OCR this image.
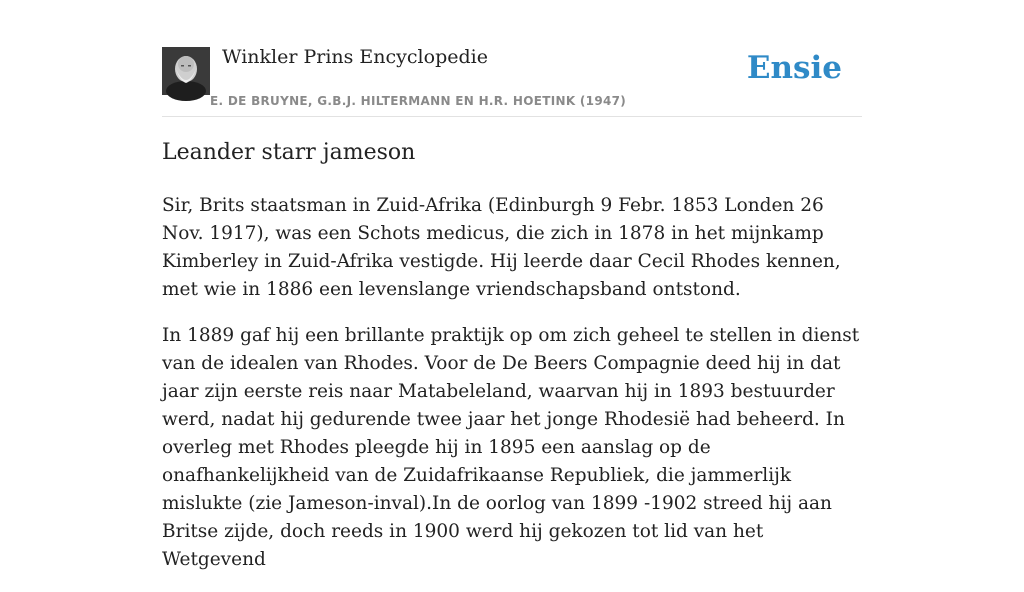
Winkler Prins Encyclopedie
E. DE BRUYNE, G.B.J. HILTERMANN EN H.R. HOETINK (1947)
Ensie
Leander starr jameson

Sir, Brits staatsman in Zuid-Afrika (Edinburgh 9 Febr. 1853 Londen 26 Nov. 1917), was een Schots medicus, die zich in 1878 in het mijnkamp Kimberley in Zuid-Afrika vestigde. Hij leerde daar Cecil Rhodes kennen, met wie in 1886 een levenslange vriendschapsband ontstond.

In 1889 gaf hij een brillante praktijk op om zich geheel te stellen in dienst van de idealen van Rhodes. Voor de De Beers Compagnie deed hij in dat jaar zijn eerste reis naar Matabeleland, waarvan hij in 1893 bestuurder werd, nadat hij gedurende twee jaar het jonge Rhodesië had beheerd. In overleg met Rhodes pleegde hij in 1895 een aanslag op de onafhankelijkheid van de Zuidafrikaanse Republiek, die jammerlijk mislukte (zie Jameson-inval).In de oorlog van 1899 -1902 streed hij aan Britse zijde, doch reeds in 1900 werd hij gekozen tot lid van het Wetgevend
